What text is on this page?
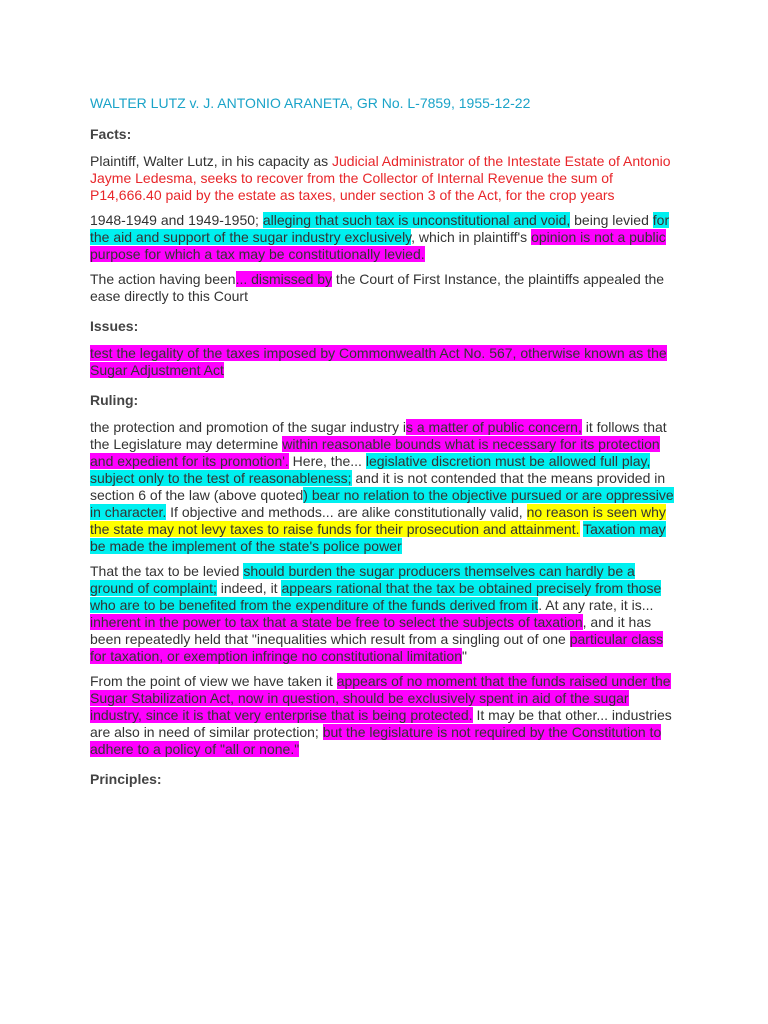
WALTER LUTZ v. J. ANTONIO ARANETA, GR No. L-7859, 1955-12-22
Facts:

Plaintiff, Walter Lutz, in his capacity as Judicial Administrator of the Intestate Estate of Antonio Jayme Ledesma, seeks to recover from the Collector of Internal Revenue the sum of P14,666.40 paid by the estate as taxes, under section 3 of the Act, for the crop years

1948-1949 and 1949-1950; alleging that such tax is unconstitutional and void, being levied for the aid and support of the sugar industry exclusively, which in plaintiff's opinion is not a public purpose for which a tax may be constitutionally levied.

The action having been... dismissed by the Court of First Instance, the plaintiffs appealed the ease directly to this Court

Issues:

test the legality of the taxes imposed by Commonwealth Act No. 567, otherwise known as the Sugar Adjustment Act

Ruling:

the protection and promotion of the sugar industry is a matter of public concern, it follows that the Legislature may determine within reasonable bounds what is necessary for its protection and expedient for its promotion'. Here, the... legislative discretion must be allowed full play, subject only to the test of reasonableness; and it is not contended that the means provided in section 6 of the law (above quoted) bear no relation to the objective pursued or are oppressive in character. If objective and methods... are alike constitutionally valid, no reason is seen why the state may not levy taxes to raise funds for their prosecution and attainment. Taxation may be made the implement of the state's police power

That the tax to be levied should burden the sugar producers themselves can hardly be a ground of complaint; indeed, it appears rational that the tax be obtained precisely from those who are to be benefited from the expenditure of the funds derived from it. At any rate, it is... inherent in the power to tax that a state be free to select the subjects of taxation, and it has been repeatedly held that "inequalities which result from a singling out of one particular class for taxation, or exemption infringe no constitutional limitation"

From the point of view we have taken it appears of no moment that the funds raised under the Sugar Stabilization Act, now in question, should be exclusively spent in aid of the sugar industry, since it is that very enterprise that is being protected. It may be that other... industries are also in need of similar protection; but the legislature is not required by the Constitution to adhere to a policy of "all or none."

Principles:
